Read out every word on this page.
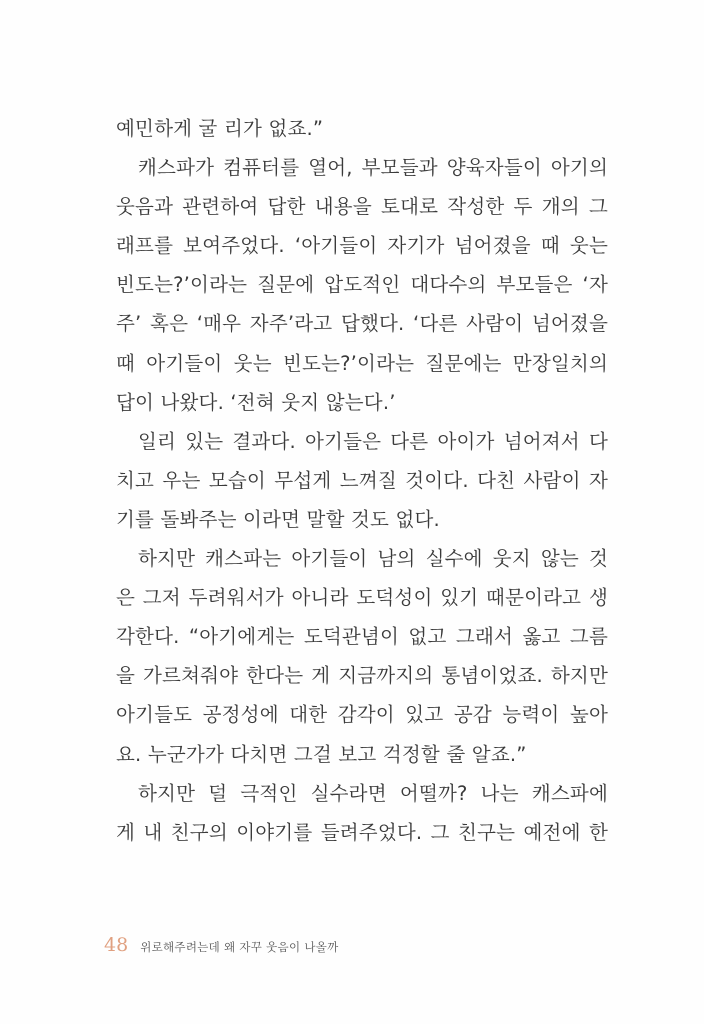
예민하게 굴 리가 없죠.”
캐스파가 컴퓨터를 열어, 부모들과 양육자들이 아기의
웃음과 관련하여 답한 내용을 토대로 작성한 두 개의 그
래프를 보여주었다. ‘아기들이 자기가 넘어졌을 때 웃는
빈도는?’이라는 질문에 압도적인 대다수의 부모들은 ‘자
주’ 혹은 ‘매우 자주’라고 답했다. ‘다른 사람이 넘어졌을
때 아기들이 웃는 빈도는?’이라는 질문에는 만장일치의
답이 나왔다. ‘전혀 웃지 않는다.’
일리 있는 결과다. 아기들은 다른 아이가 넘어져서 다
치고 우는 모습이 무섭게 느껴질 것이다. 다친 사람이 자
기를 돌봐주는 이라면 말할 것도 없다.
하지만 캐스파는 아기들이 남의 실수에 웃지 않는 것
은 그저 두려워서가 아니라 도덕성이 있기 때문이라고 생
각한다. “아기에게는 도덕관념이 없고 그래서 옳고 그름
을 가르쳐줘야 한다는 게 지금까지의 통념이었죠. 하지만
아기들도 공정성에 대한 감각이 있고 공감 능력이 높아
요. 누군가가 다치면 그걸 보고 걱정할 줄 알죠.”
하지만 덜 극적인 실수라면 어떨까? 나는 캐스파에
게 내 친구의 이야기를 들려주었다. 그 친구는 예전에 한
48 위로해주려는데 왜 자꾸 웃음이 나올까
